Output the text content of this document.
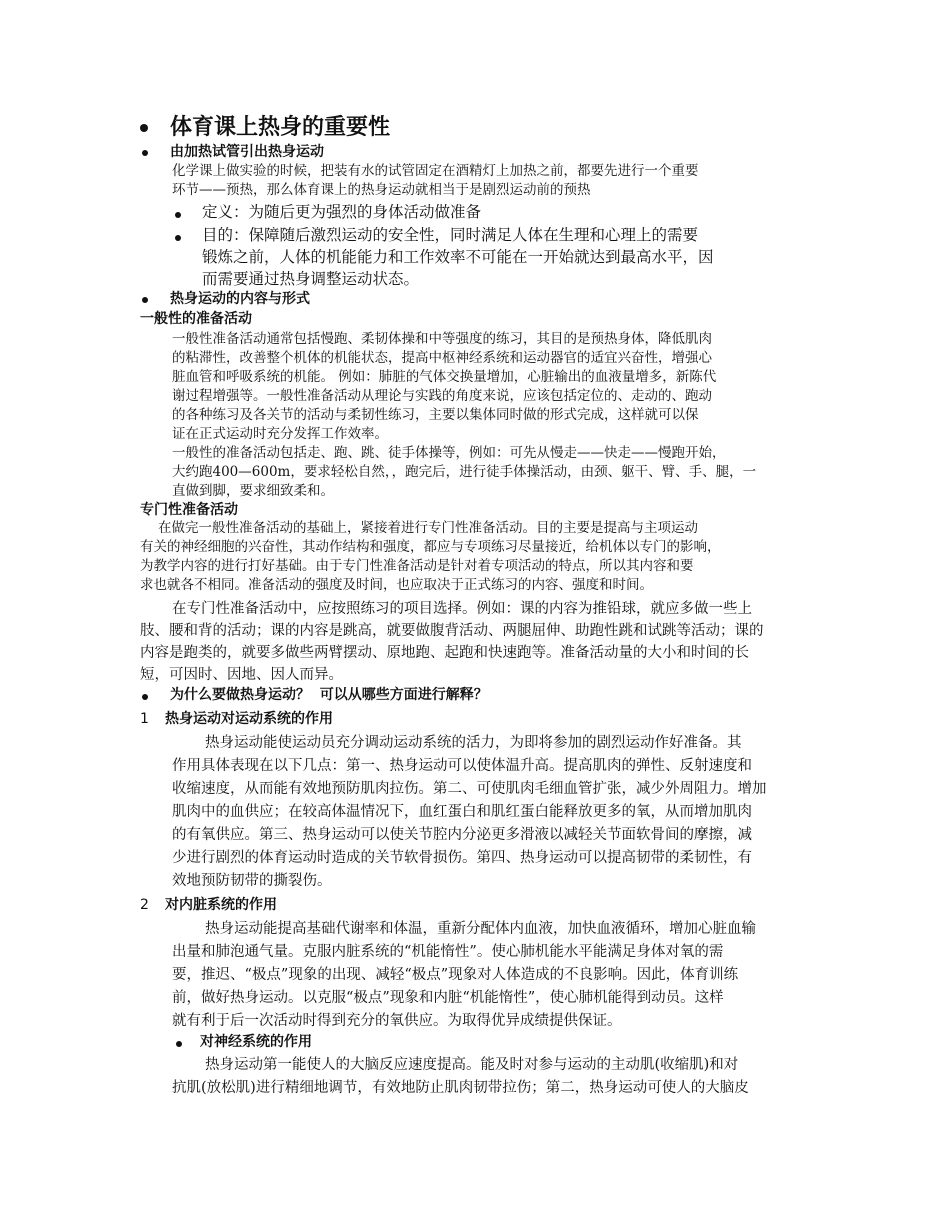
体育课上热身的重要性
由加热试管引出热身运动
化学课上做实验的时候，把装有水的试管固定在酒精灯上加热之前，都要先进行一个重要
环节——预热，那么体育课上的热身运动就相当于是剧烈运动前的预热
定义：为随后更为强烈的身体活动做准备
目的：保障随后激烈运动的安全性，同时满足人体在生理和心理上的需要
锻炼之前，人体的机能能力和工作效率不可能在一开始就达到最高水平，因
而需要通过热身调整运动状态。
热身运动的内容与形式
一般性的准备活动
一般性准备活动通常包括慢跑、柔韧体操和中等强度的练习，其目的是预热身体，降低肌肉
的粘滞性，改善整个机体的机能状态，提高中枢神经系统和运动器官的适宜兴奋性，增强心
脏血管和呼吸系统的机能。 例如：肺脏的气体交换量增加，心脏输出的血液量增多，新陈代
谢过程增强等。一般性准备活动从理论与实践的角度来说，应该包括定位的、走动的、跑动
的各种练习及各关节的活动与柔韧性练习，主要以集体同时做的形式完成，这样就可以保
证在正式运动时充分发挥工作效率。
一般性的准备活动包括走、跑、跳、徒手体操等，例如：可先从慢走——快走——慢跑开始，
大约跑400—600m，要求轻松自然，，跑完后，进行徒手体操活动，由颈、躯干、臂、手、腿，一
直做到脚，要求细致柔和。
专门性准备活动
在做完一般性准备活动的基础上，紧接着进行专门性准备活动。目的主要是提高与主项运动
有关的神经细胞的兴奋性，其动作结构和强度，都应与专项练习尽量接近，给机体以专门的影响，
为教学内容的进行打好基础。由于专门性准备活动是针对着专项活动的特点，所以其内容和要
求也就各不相同。准备活动的强度及时间，也应取决于正式练习的内容、强度和时间。
在专门性准备活动中，应按照练习的项目选择。例如：课的内容为推铅球，就应多做一些上
肢、腰和背的活动；课的内容是跳高，就要做腹背活动、两腿屈伸、助跑性跳和试跳等活动；课的
内容是跑类的，就要多做些两臂摆动、原地跑、起跑和快速跑等。准备活动量的大小和时间的长
短，可因时、因地、因人而异。
为什么要做热身运动？  可以从哪些方面进行解释？
1 热身运动对运动系统的作用
热身运动能使运动员充分调动运动系统的活力，为即将参加的剧烈运动作好准备。其
作用具体表现在以下几点：第一、热身运动可以使体温升高。提高肌肉的弹性、反射速度和
收缩速度，从而能有效地预防肌肉拉伤。第二、可使肌肉毛细血管扩张，减少外周阻力。增加
肌肉中的血供应；在较高体温情况下，血红蛋白和肌红蛋白能释放更多的氧，从而增加肌肉
的有氧供应。第三、热身运动可以使关节腔内分泌更多滑液以减轻关节面软骨间的摩擦，减
少进行剧烈的体育运动时造成的关节软骨损伤。第四、热身运动可以提高韧带的柔韧性，有
效地预防韧带的撕裂伤。
2 对内脏系统的作用
热身运动能提高基础代谢率和体温，重新分配体内血液，加快血液循环，增加心脏血输
出量和肺泡通气量。克服内脏系统的“机能惰性”。使心肺机能水平能满足身体对氧的需
要，推迟、“极点”现象的出现、减轻“极点”现象对人体造成的不良影响。因此，体育训练
前，做好热身运动。以克服“极点”现象和内脏“机能惰性”，使心肺机能得到动员。这样
就有利于后一次活动时得到充分的氧供应。为取得优异成绩提供保证。
对神经系统的作用
热身运动第一能使人的大脑反应速度提高。能及时对参与运动的主动肌(收缩肌)和对
抗肌(放松肌)进行精细地调节，有效地防止肌肉韧带拉伤；第二，热身运动可使人的大脑皮
